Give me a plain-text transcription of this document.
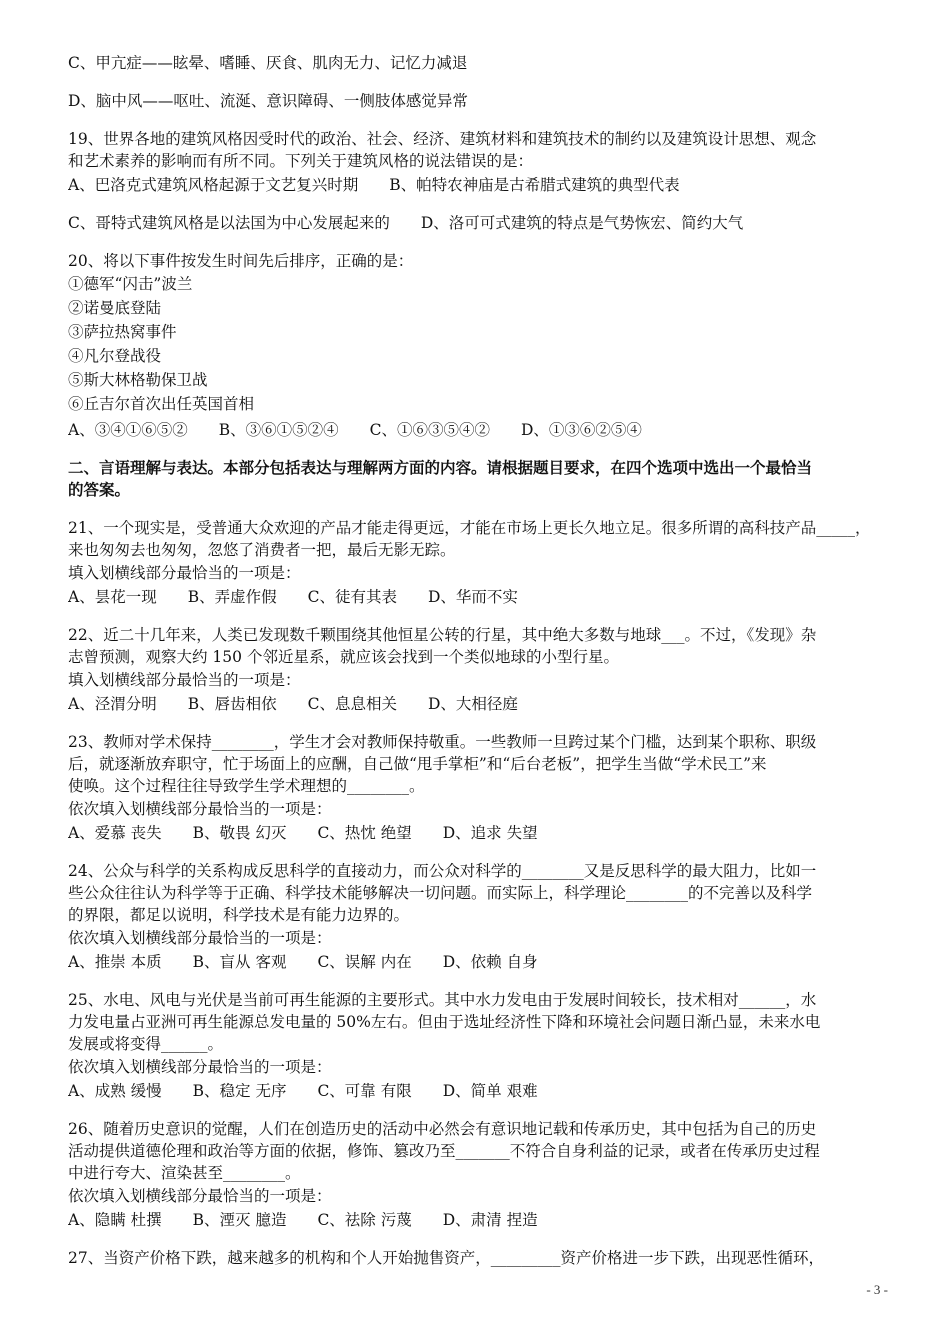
C、甲亢症——眩晕、嗜睡、厌食、肌肉无力、记忆力减退
D、脑中风——呕吐、流涎、意识障碍、一侧肢体感觉异常
19、世界各地的建筑风格因受时代的政治、社会、经济、建筑材料和建筑技术的制约以及建筑设计思想、观念
和艺术素养的影响而有所不同。下列关于建筑风格的说法错误的是：
A、巴洛克式建筑风格起源于文艺复兴时期　　B、帕特农神庙是古希腊式建筑的典型代表
C、哥特式建筑风格是以法国为中心发展起来的　　D、洛可可式建筑的特点是气势恢宏、简约大气
20、将以下事件按发生时间先后排序，正确的是：
①德军“闪击”波兰
②诺曼底登陆
③萨拉热窝事件
④凡尔登战役
⑤斯大林格勒保卫战
⑥丘吉尔首次出任英国首相
A、③④①⑥⑤②　　B、③⑥①⑤②④　　C、①⑥③⑤④②　　D、①③⑥②⑤④
二、言语理解与表达。本部分包括表达与理解两方面的内容。请根据题目要求，在四个选项中选出一个最恰当
的答案。
21、一个现实是，受普通大众欢迎的产品才能走得更远，才能在市场上更长久地立足。很多所谓的高科技产品_____，
来也匆匆去也匆匆，忽悠了消费者一把，最后无影无踪。
填入划横线部分最恰当的一项是：
A、昙花一现　　B、弄虚作假　　C、徒有其表　　D、华而不实
22、近二十几年来，人类已发现数千颗围绕其他恒星公转的行星，其中绝大多数与地球___。不过，《发现》杂
志曾预测，观察大约 150 个邻近星系，就应该会找到一个类似地球的小型行星。
填入划横线部分最恰当的一项是：
A、泾渭分明　　B、唇齿相依　　C、息息相关　　D、大相径庭
23、教师对学术保持________，学生才会对教师保持敬重。一些教师一旦跨过某个门槛，达到某个职称、职级
后，就逐渐放弃职守，忙于场面上的应酬，自己做“甩手掌柜”和“后台老板”，把学生当做“学术民工”来
使唤。这个过程往往导致学生学术理想的________。
依次填入划横线部分最恰当的一项是：
A、爱慕 丧失　　B、敬畏 幻灭　　C、热忱 绝望　　D、追求 失望
24、公众与科学的关系构成反思科学的直接动力，而公众对科学的________又是反思科学的最大阻力，比如一
些公众往往认为科学等于正确、科学技术能够解决一切问题。而实际上，科学理论________的不完善以及科学
的界限，都足以说明，科学技术是有能力边界的。
依次填入划横线部分最恰当的一项是：
A、推崇 本质　　B、盲从 客观　　C、误解 内在　　D、依赖 自身
25、水电、风电与光伏是当前可再生能源的主要形式。其中水力发电由于发展时间较长，技术相对______，水
力发电量占亚洲可再生能源总发电量的 50%左右。但由于选址经济性下降和环境社会问题日渐凸显，未来水电
发展或将变得______。
依次填入划横线部分最恰当的一项是：
A、成熟 缓慢　　B、稳定 无序　　C、可靠 有限　　D、简单 艰难
26、随着历史意识的觉醒，人们在创造历史的活动中必然会有意识地记载和传承历史，其中包括为自己的历史
活动提供道德伦理和政治等方面的依据，修饰、篡改乃至_______不符合自身利益的记录，或者在传承历史过程
中进行夸大、渲染甚至________。
依次填入划横线部分最恰当的一项是：
A、隐瞒 杜撰　　B、湮灭 臆造　　C、祛除 污蔑　　D、肃清 捏造
27、当资产价格下跌，越来越多的机构和个人开始抛售资产，_________资产价格进一步下跌，出现恶性循环，
- 3 -
